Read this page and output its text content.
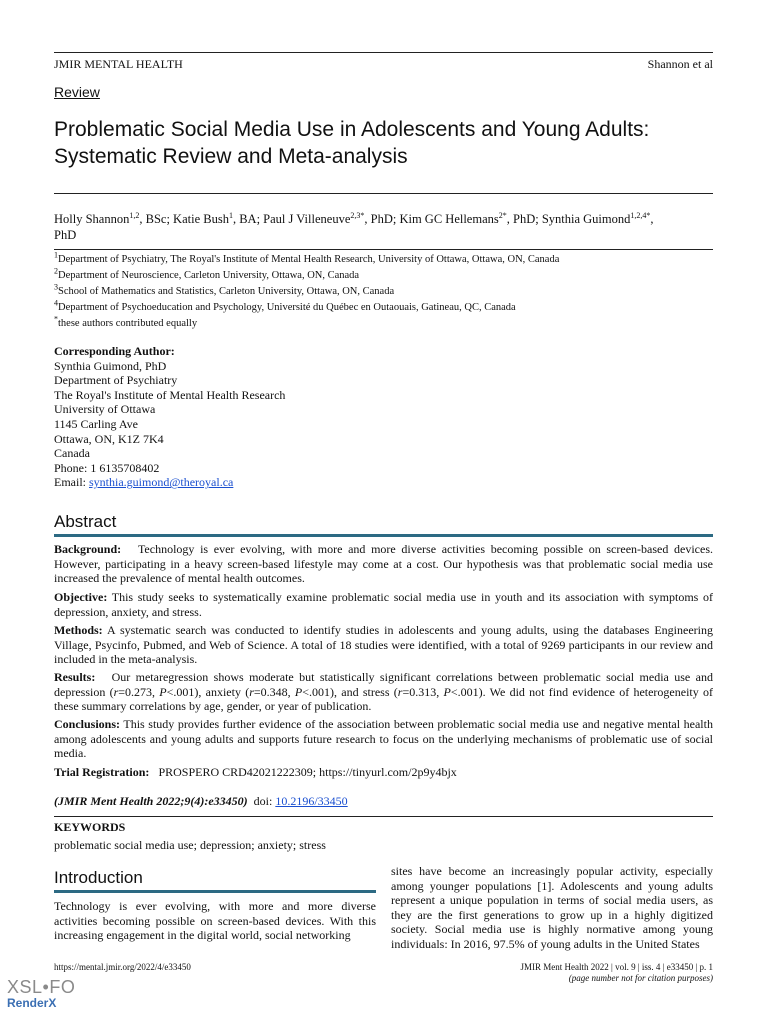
JMIR MENTAL HEALTH	Shannon et al
Review
Problematic Social Media Use in Adolescents and Young Adults:
Systematic Review and Meta-analysis
Holly Shannon$^{1,2}$, BSc; Katie Bush$^1$, BA; Paul J Villeneuve$^{2,3*}$, PhD; Kim GC Hellemans$^{2*}$, PhD; Synthia Guimond$^{1,2,4*}$,
PhD
$^1$Department of Psychiatry, The Royal's Institute of Mental Health Research, University of Ottawa, Ottawa, ON, Canada
$^2$Department of Neuroscience, Carleton University, Ottawa, ON, Canada
$^3$School of Mathematics and Statistics, Carleton University, Ottawa, ON, Canada
$^4$Department of Psychoeducation and Psychology, Université du Québec en Outaouais, Gatineau, QC, Canada
*these authors contributed equally
Corresponding Author:
Synthia Guimond, PhD
Department of Psychiatry
The Royal's Institute of Mental Health Research
University of Ottawa
1145 Carling Ave
Ottawa, ON, K1Z 7K4
Canada
Phone: 1 6135708402
Email: synthia.guimond@theroyal.ca
Abstract
Background: Technology is ever evolving, with more and more diverse activities becoming possible on screen-based devices. However, participating in a heavy screen-based lifestyle may come at a cost. Our hypothesis was that problematic social media use increased the prevalence of mental health outcomes.
Objective: This study seeks to systematically examine problematic social media use in youth and its association with symptoms of depression, anxiety, and stress.
Methods: A systematic search was conducted to identify studies in adolescents and young adults, using the databases Engineering Village, Psycinfo, Pubmed, and Web of Science. A total of 18 studies were identified, with a total of 9269 participants in our review and included in the meta-analysis.
Results: Our metaregression shows moderate but statistically significant correlations between problematic social media use and depression (r=0.273, P<.001), anxiety (r=0.348, P<.001), and stress (r=0.313, P<.001). We did not find evidence of heterogeneity of these summary correlations by age, gender, or year of publication.
Conclusions: This study provides further evidence of the association between problematic social media use and negative mental health among adolescents and young adults and supports future research to focus on the underlying mechanisms of problematic use of social media.
Trial Registration: PROSPERO CRD42021222309; https://tinyurl.com/2p9y4bjx
(JMIR Ment Health 2022;9(4):e33450) doi: 10.2196/33450
KEYWORDS
problematic social media use; depression; anxiety; stress
Introduction
Technology is ever evolving, with more and more diverse activities becoming possible on screen-based devices. With this increasing engagement in the digital world, social networking
sites have become an increasingly popular activity, especially among younger populations [1]. Adolescents and young adults represent a unique population in terms of social media users, as they are the first generations to grow up in a highly digitized society. Social media use is highly normative among young individuals: In 2016, 97.5% of young adults in the United States
https://mental.jmir.org/2022/4/e33450	JMIR Ment Health 2022 | vol. 9 | iss. 4 | e33450 | p. 1
(page number not for citation purposes)
XSL•FO
RenderX
